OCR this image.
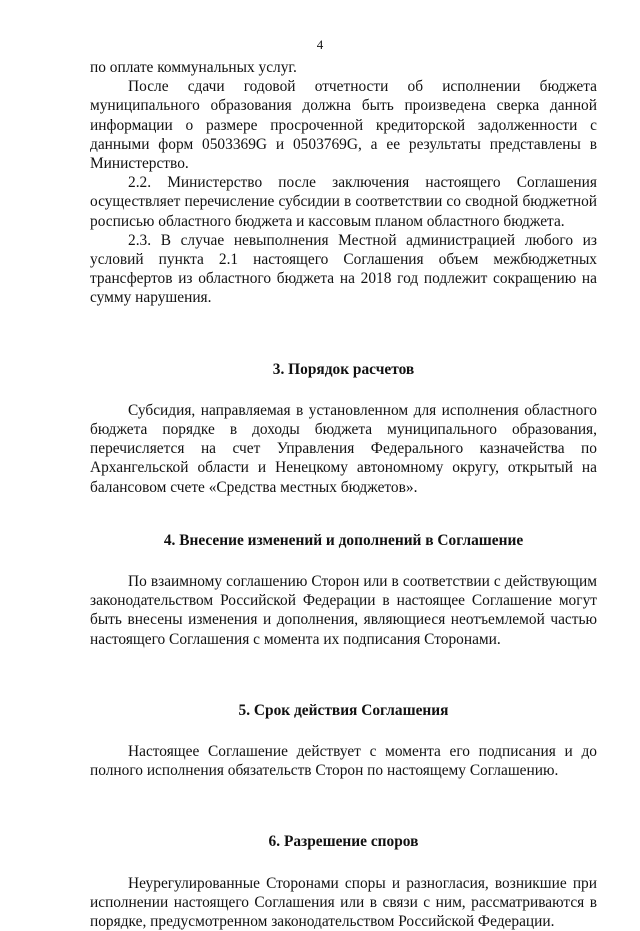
4

по оплате коммунальных услуг.

После сдачи годовой отчетности об исполнении бюджета муниципального образования должна быть произведена сверка данной информации о размере просроченной кредиторской задолженности с данными форм 0503369G и 0503769G, а ее результаты представлены в Министерство.

2.2. Министерство после заключения настоящего Соглашения осуществляет перечисление субсидии в соответствии со сводной бюджетной росписью областного бюджета и кассовым планом областного бюджета.

2.3. В случае невыполнения Местной администрацией любого из условий пункта 2.1 настоящего Соглашения объем межбюджетных трансфертов из областного бюджета на 2018 год подлежит сокращению на сумму нарушения.

3. Порядок расчетов

Субсидия, направляемая в установленном для исполнения областного бюджета порядке в доходы бюджета муниципального образования, перечисляется на счет Управления Федерального казначейства по Архангельской области и Ненецкому автономному округу, открытый на балансовом счете «Средства местных бюджетов».

4. Внесение изменений и дополнений в Соглашение

По взаимному соглашению Сторон или в соответствии с действующим законодательством Российской Федерации в настоящее Соглашение могут быть внесены изменения и дополнения, являющиеся неотъемлемой частью настоящего Соглашения с момента их подписания Сторонами.

5. Срок действия Соглашения

Настоящее Соглашение действует с момента его подписания и до полного исполнения обязательств Сторон по настоящему Соглашению.

6. Разрешение споров

Неурегулированные Сторонами споры и разногласия, возникшие при исполнении настоящего Соглашения или в связи с ним, рассматриваются в порядке, предусмотренном законодательством Российской Федерации.
